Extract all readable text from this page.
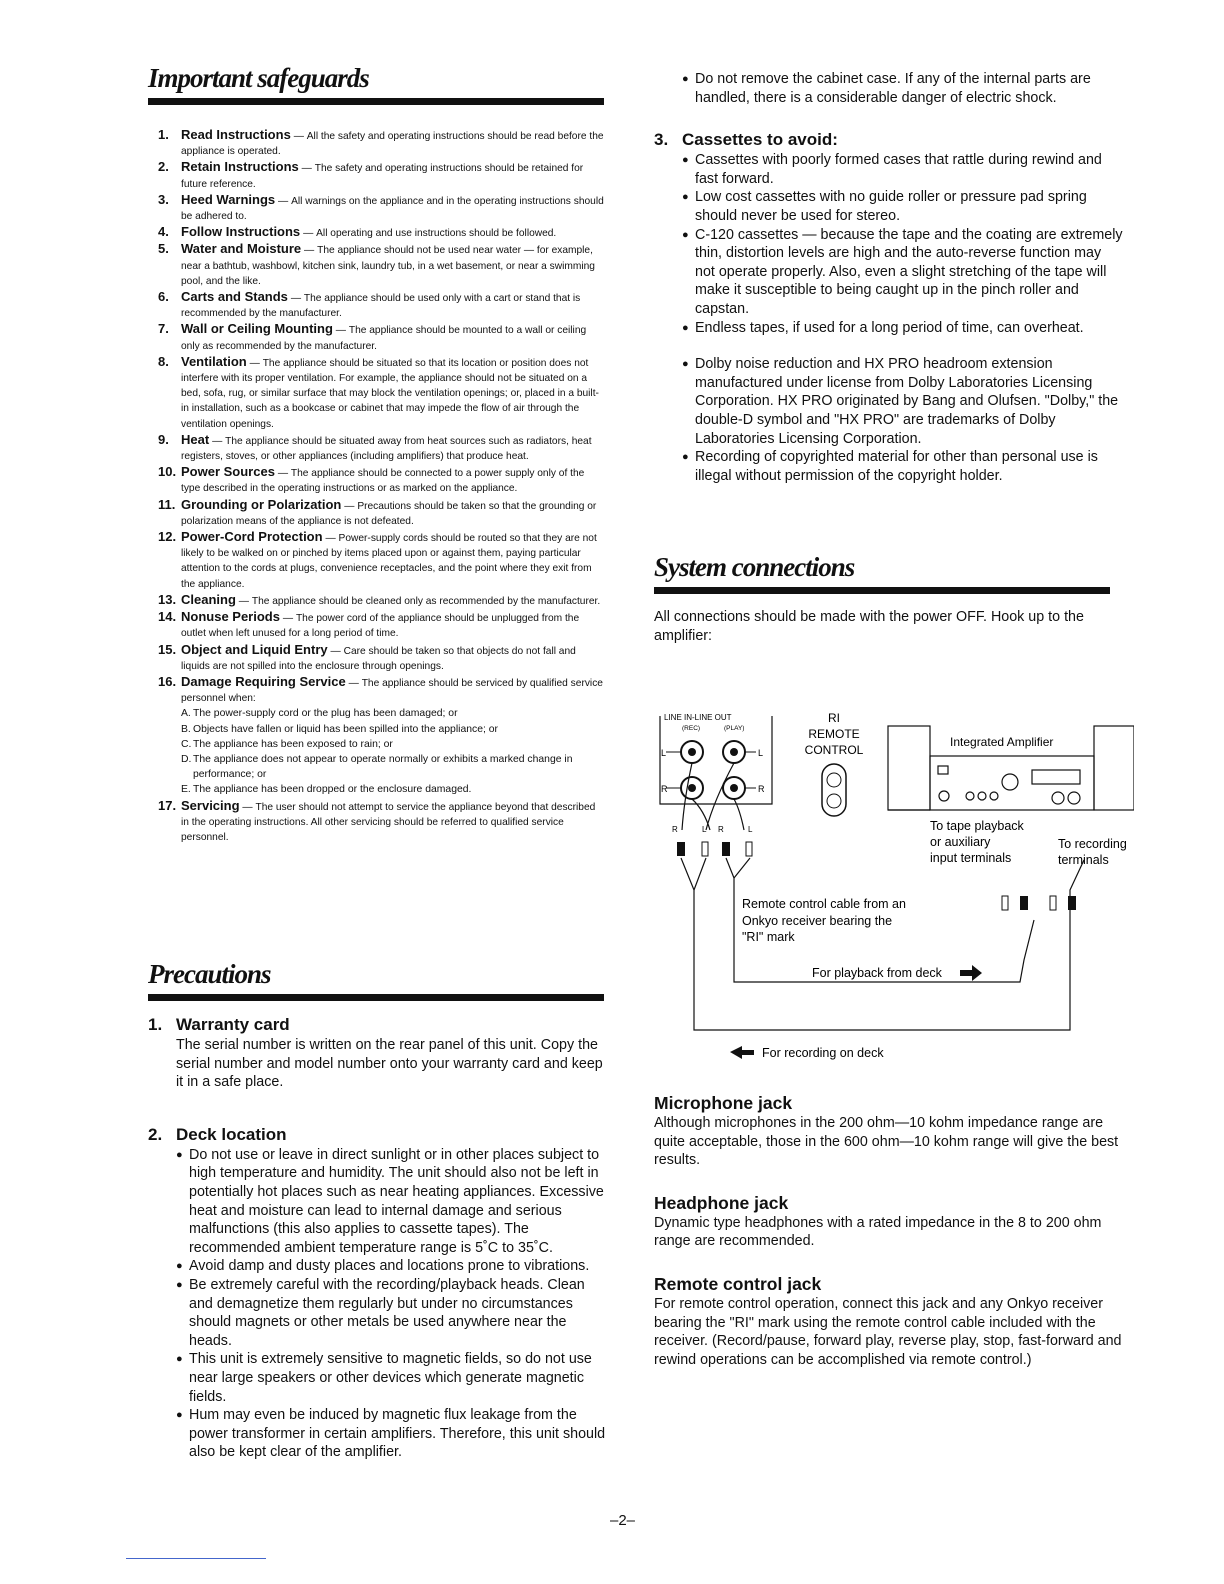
Important safeguards
1. Read Instructions — All the safety and operating instructions should be read before the appliance is operated.
2. Retain Instructions — The safety and operating instructions should be retained for future reference.
3. Heed Warnings — All warnings on the appliance and in the operating instructions should be adhered to.
4. Follow Instructions — All operating and use instructions should be followed.
5. Water and Moisture — The appliance should not be used near water — for example, near a bathtub, washbowl, kitchen sink, laundry tub, in a wet basement, or near a swimming pool, and the like.
6. Carts and Stands — The appliance should be used only with a cart or stand that is recommended by the manufacturer.
7. Wall or Ceiling Mounting — The appliance should be mounted to a wall or ceiling only as recommended by the manufacturer.
8. Ventilation — The appliance should be situated so that its location or position does not interfere with its proper ventilation. For example, the appliance should not be situated on a bed, sofa, rug, or similar surface that may block the ventilation openings; or, placed in a built-in installation, such as a bookcase or cabinet that may impede the flow of air through the ventilation openings.
9. Heat — The appliance should be situated away from heat sources such as radiators, heat registers, stoves, or other appliances (including amplifiers) that produce heat.
10. Power Sources — The appliance should be connected to a power supply only of the type described in the operating instructions or as marked on the appliance.
11. Grounding or Polarization — Precautions should be taken so that the grounding or polarization means of the appliance is not defeated.
12. Power-Cord Protection — Power-supply cords should be routed so that they are not likely to be walked on or pinched by items placed upon or against them, paying particular attention to the cords at plugs, convenience receptacles, and the point where they exit from the appliance.
13. Cleaning — The appliance should be cleaned only as recommended by the manufacturer.
14. Nonuse Periods — The power cord of the appliance should be unplugged from the outlet when left unused for a long period of time.
15. Object and Liquid Entry — Care should be taken so that objects do not fall and liquids are not spilled into the enclosure through openings.
16. Damage Requiring Service — The appliance should be serviced by qualified service personnel when:
A. The power-supply cord or the plug has been damaged; or
B. Objects have fallen or liquid has been spilled into the appliance; or
C. The appliance has been exposed to rain; or
D. The appliance does not appear to operate normally or exhibits a marked change in performance; or
E. The appliance has been dropped or the enclosure damaged.
17. Servicing — The user should not attempt to service the appliance beyond that described in the operating instructions. All other servicing should be referred to qualified service personnel.
Precautions

1. Warranty card

The serial number is written on the rear panel of this unit. Copy the serial number and model number onto your warranty card and keep it in a safe place.

2. Deck location

● Do not use or leave in direct sunlight or in other places subject to high temperature and humidity. The unit should also not be left in potentially hot places such as near heating appliances. Excessive heat and moisture can lead to internal damage and serious malfunctions (this also applies to cassette tapes). The recommended ambient temperature range is 5˚C to 35˚C.
● Avoid damp and dusty places and locations prone to vibrations.
● Be extremely careful with the recording/playback heads. Clean and demagnetize them regularly but under no circumstances should magnets or other metals be used anywhere near the heads.
● This unit is extremely sensitive to magnetic fields, so do not use near large speakers or other devices which generate magnetic fields.
● Hum may even be induced by magnetic flux leakage from the power transformer in certain amplifiers. Therefore, this unit should also be kept clear of the amplifier.
● Do not remove the cabinet case. If any of the internal parts are handled, there is a considerable danger of electric shock.

3. Cassettes to avoid:

● Cassettes with poorly formed cases that rattle during rewind and fast forward.
● Low cost cassettes with no guide roller or pressure pad spring should never be used for stereo.
● C-120 cassettes — because the tape and the coating are extremely thin, distortion levels are high and the auto-reverse function may not operate properly. Also, even a slight stretching of the tape will make it susceptible to being caught up in the pinch roller and capstan.
● Endless tapes, if used for a long period of time, can overheat.
● Dolby noise reduction and HX PRO headroom extension manufactured under license from Dolby Laboratories Licensing Corporation. HX PRO originated by Bang and Olufsen. "Dolby," the double-D symbol and "HX PRO" are trademarks of Dolby Laboratories Licensing Corporation.
● Recording of copyrighted material for other than personal use is illegal without permission of the copyright holder.
System connections

All connections should be made with the power OFF. Hook up to the amplifier:

LINE IN-LINE OUT
(REC)	(PLAY)
L	L
R	R
R	L R	L
RI
REMOTE
CONTROL
Integrated Amplifier
To tape playback
or auxiliary
input terminals
To recording
terminals
Remote control cable from an
Onkyo receiver bearing the
"RI" mark
For playback from deck
For recording on deck

Microphone jack

Although microphones in the 200 ohm—10 kohm impedance range are quite acceptable, those in the 600 ohm—10 kohm range will give the best results.

Headphone jack

Dynamic type headphones with a rated impedance in the 8 to 200 ohm range are recommended.

Remote control jack

For remote control operation, connect this jack and any Onkyo receiver bearing the "RI" mark using the remote control cable included with the receiver. (Record/pause, forward play, reverse play, stop, fast-forward and rewind operations can be accomplished via remote control.)

–2–
